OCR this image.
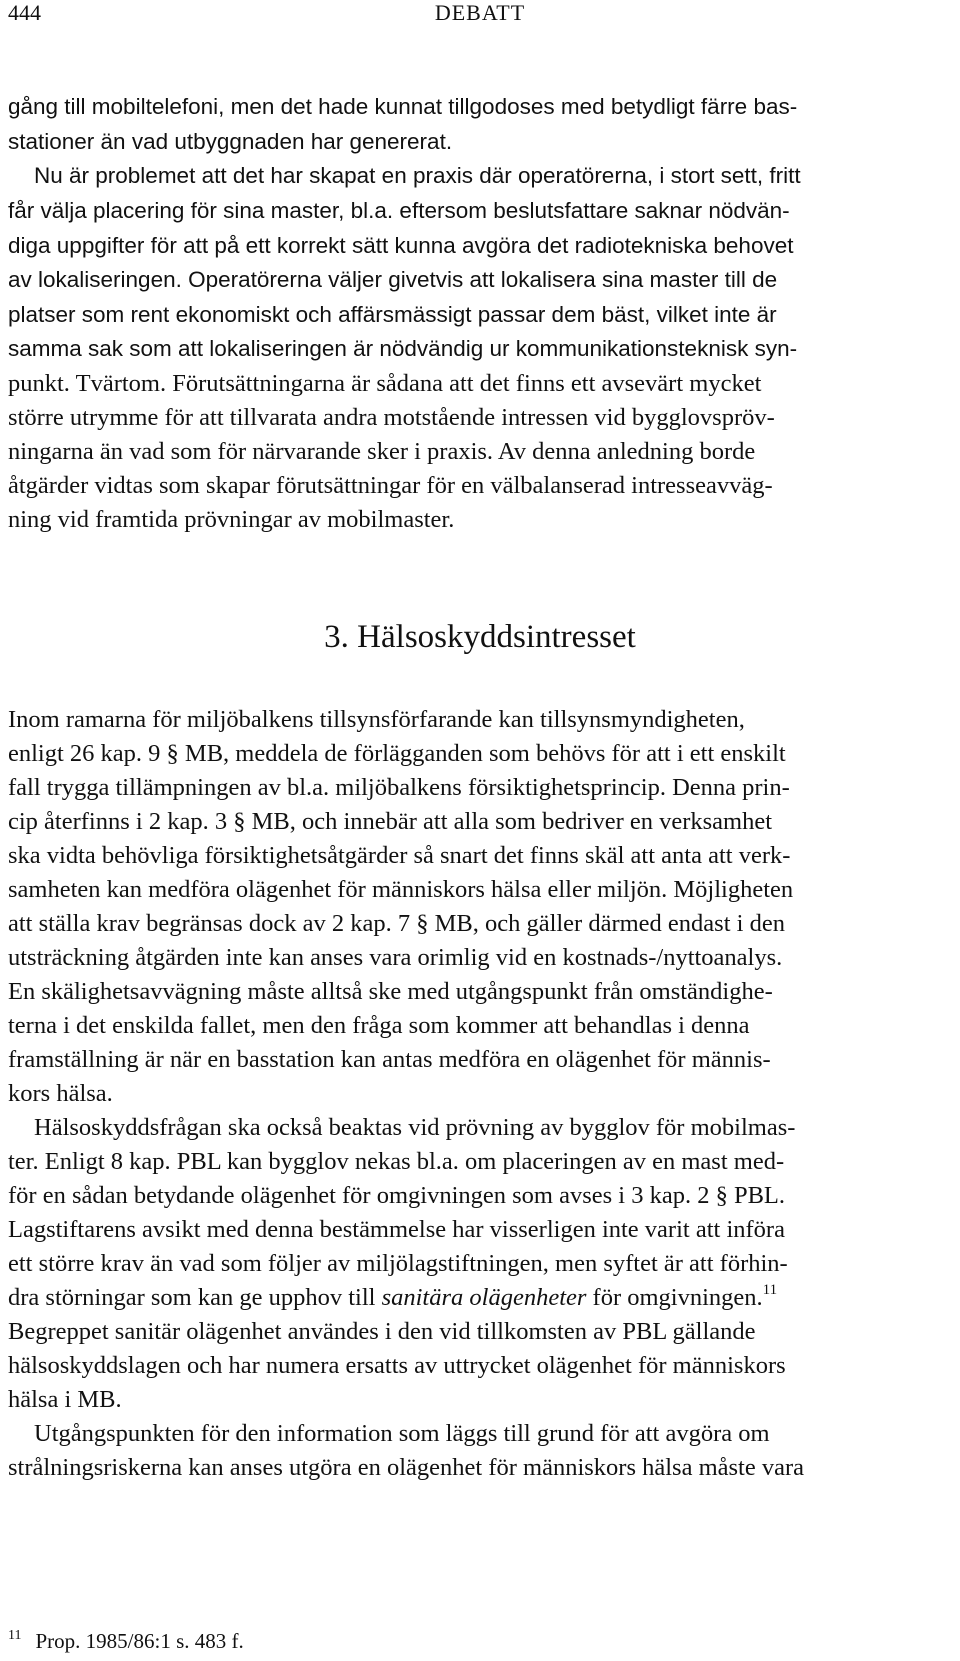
444	DEBATT

gång till mobiltelefoni, men det hade kunnat tillgodoses med betydligt färre bas-

stationer än vad utbyggnaden har genererat.

Nu är problemet att det har skapat en praxis där operatörerna, i stort sett, fritt

får välja placering för sina master, bl.a. eftersom beslutsfattare saknar nödvän-

diga uppgifter för att på ett korrekt sätt kunna avgöra det radiotekniska behovet

av lokaliseringen. Operatörerna väljer givetvis att lokalisera sina master till de

platser som rent ekonomiskt och affärsmässigt passar dem bäst, vilket inte är

samma sak som att lokaliseringen är nödvändig ur kommunikationsteknisk syn-

punkt. Tvärtom. Förutsättningarna är sådana att det finns ett avsevärt mycket

större utrymme för att tillvarata andra motstående intressen vid bygglovspröv-

ningarna än vad som för närvarande sker i praxis. Av denna anledning borde

åtgärder vidtas som skapar förutsättningar för en välbalanserad intresseavväg-

ning vid framtida prövningar av mobilmaster.

3. Hälsoskyddsintresset

Inom ramarna för miljöbalkens tillsynsförfarande kan tillsynsmyndigheten,

enligt 26 kap. 9 § MB, meddela de förlägganden som behövs för att i ett enskilt

fall trygga tillämpningen av bl.a. miljöbalkens försiktighetsprincip. Denna prin-

cip återfinns i 2 kap. 3 § MB, och innebär att alla som bedriver en verksamhet

ska vidta behövliga försiktighetsåtgärder så snart det finns skäl att anta att verk-

samheten kan medföra olägenhet för människors hälsa eller miljön. Möjligheten

att ställa krav begränsas dock av 2 kap. 7 § MB, och gäller därmed endast i den

utsträckning åtgärden inte kan anses vara orimlig vid en kostnads-/nyttoanalys.

En skälighetsavvägning måste alltså ske med utgångspunkt från omständighe-

terna i det enskilda fallet, men den fråga som kommer att behandlas i denna

framställning är när en basstation kan antas medföra en olägenhet för männis-

kors hälsa.

Hälsoskyddsfrågan ska också beaktas vid prövning av bygglov för mobilmas-

ter. Enligt 8 kap. PBL kan bygglov nekas bl.a. om placeringen av en mast med-

för en sådan betydande olägenhet för omgivningen som avses i 3 kap. 2 § PBL.

Lagstiftarens avsikt med denna bestämmelse har visserligen inte varit att införa

ett större krav än vad som följer av miljölagstiftningen, men syftet är att förhin-

dra störningar som kan ge upphov till sanitära olägenheter för omgivningen.$^{11}$

Begreppet sanitär olägenhet användes i den vid tillkomsten av PBL gällande

hälsoskyddslagen och har numera ersatts av uttrycket olägenhet för människors

hälsa i MB.

Utgångspunkten för den information som läggs till grund för att avgöra om

strålningsriskerna kan anses utgöra en olägenhet för människors hälsa måste vara

$^{11}$ Prop. 1985/86:1 s. 483 f.
